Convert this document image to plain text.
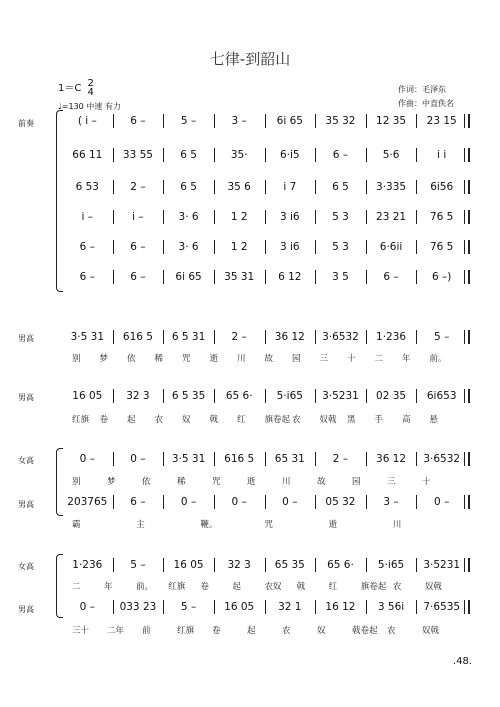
七律-到韶山
1＝C 2
4
♩=130 中速 有力
作词：毛泽东
作曲：中直佚名
前奏
男高
男高
女高
男高
女高
男高
( i –	6 –	5 –	3 –	6i 65	35 32	12 35	23 15
66 11	33 55	6 5	35·	6·i5	6 –	5·6	i i
6 53	2 –	6 5	35 6	i 7	6 5	3·335	6i56
i –	i –	3· 6	1 2	3 i6	5 3	23 21	76 5
6 –	6 –	3· 6	1 2	3 i6	5 3	6·6ii	76 5
6 –	6 –	6i 65	35 31	6 12	3 5	6 –	6 –)
3·5 31	616 5	6 5 31	2 –	36 12	3·6532	1·236	5 –
别 梦 依 稀 咒 逝 川 故 园 三 十 二 年 前。
16 05	32 3	6 5 35	65 6·	5·i65	3·5231	02 35	6i653
红旗 卷 起 农 奴 戟 红 旗卷起 农 奴戟 黑 手 高 悬
0 –	0 –	3·5 31	616 5	65 31	2 –	36 12	3·6532
别	梦	依	稀	咒	逝	川	故	园	三	十
203765	6 –	0 –	0 –	0 –	05 32	3 –	0 –
霸	主	鞭。	咒	逝	川
1·236	5 –	16 05	32 3	65 35	65 6·	5·i65	3·5231
二	年	前。 红旗 卷	起	农奴 戟	红	旗卷起 农	奴戟
0 –	033 23	5 –	16 05	32 1	16 12	3 56i	7·6535
三十 二年 前	红旗 卷	起	农	奴	戟卷起 农	奴戟
.48.
